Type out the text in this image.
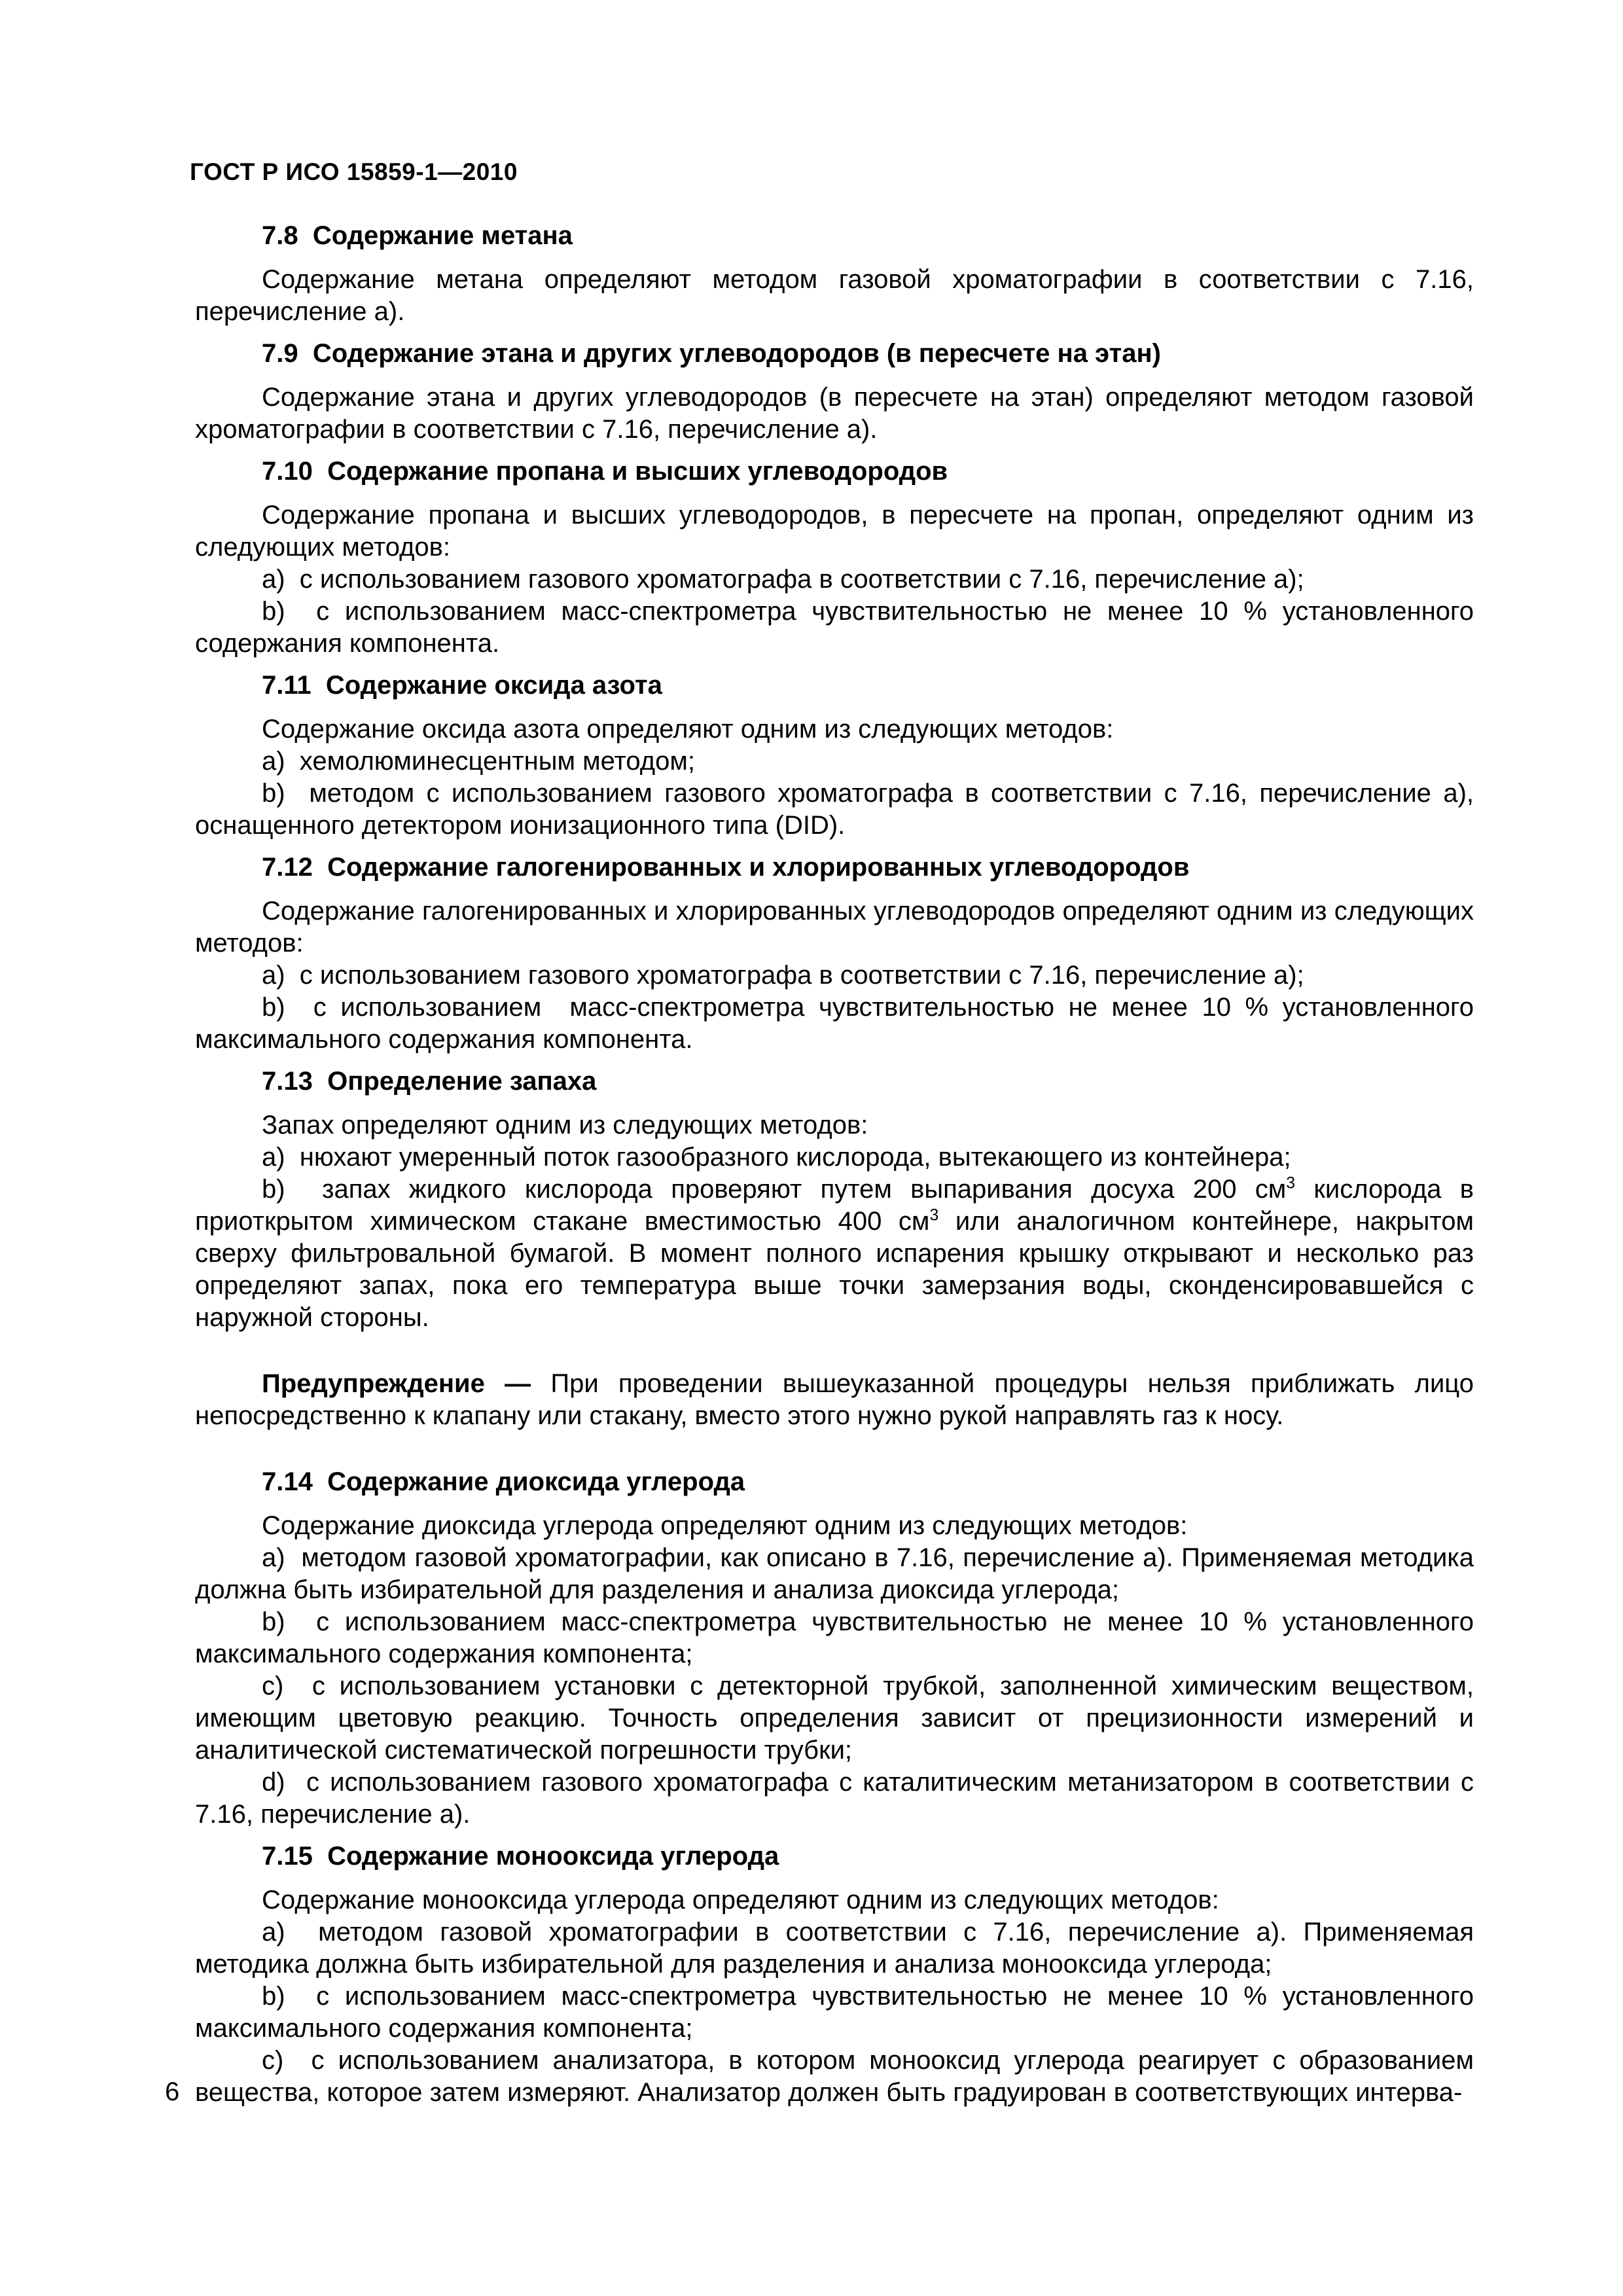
ГОСТ Р ИСО 15859-1—2010
7.8  Содержание метана

Содержание метана определяют методом газовой хроматографии в соответствии с 7.16, перечисление а).

7.9  Содержание этана и других углеводородов (в пересчете на этан)

Содержание этана и других углеводородов (в пересчете на этан) определяют методом газовой хроматографии в соответствии с 7.16, перечисление а).

7.10  Содержание пропана и высших углеводородов

Содержание пропана и высших углеводородов, в пересчете на пропан, определяют одним из следующих методов:

a)  с использованием газового хроматографа в соответствии с 7.16, перечисление а);

b)  с использованием масс-спектрометра чувствительностью не менее 10 % установленного содержания компонента.

7.11  Содержание оксида азота

Содержание оксида азота определяют одним из следующих методов:

a)  хемолюминесцентным методом;

b)  методом с использованием газового хроматографа в соответствии с 7.16, перечисление а), оснащенного детектором ионизационного типа (DID).

7.12  Содержание галогенированных и хлорированных углеводородов

Содержание галогенированных и хлорированных углеводородов определяют одним из следующих методов:

a)  с использованием газового хроматографа в соответствии с 7.16, перечисление а);

b)  с использованием  масс-спектрометра чувствительностью не менее 10 % установленного максимального содержания компонента.

7.13  Определение запаха

Запах определяют одним из следующих методов:

a)  нюхают умеренный поток газообразного кислорода, вытекающего из контейнера;

b)  запах жидкого кислорода проверяют путем выпаривания досуха 200 $см^3$ кислорода в приоткрытом химическом стакане вместимостью 400 $см^3$ или аналогичном контейнере, накрытом сверху фильтровальной бумагой. В момент полного испарения крышку открывают и несколько раз определяют запах, пока его температура выше точки замерзания воды, сконденсировавшейся с наружной стороны.

Предупреждение — При проведении вышеуказанной процедуры нельзя приближать лицо непосредственно к клапану или стакану, вместо этого нужно рукой направлять газ к носу.

7.14  Содержание диоксида углерода

Содержание диоксида углерода определяют одним из следующих методов:

a)  методом газовой хроматографии, как описано в 7.16, перечисление а). Применяемая методика должна быть избирательной для разделения и анализа диоксида углерода;

b)  с использованием масс-спектрометра чувствительностью не менее 10 % установленного максимального содержания компонента;

c)  с использованием установки с детекторной трубкой, заполненной химическим веществом, имеющим цветовую реакцию. Точность определения зависит от прецизионности измерений и аналитической систематической погрешности трубки;

d)  с использованием газового хроматографа с каталитическим метанизатором в соответствии с 7.16, перечисление а).

7.15  Содержание монооксида углерода

Содержание монооксида углерода определяют одним из следующих методов:

a)  методом газовой хроматографии в соответствии с 7.16, перечисление а). Применяемая методика должна быть избирательной для разделения и анализа монооксида углерода;

b)  с использованием масс-спектрометра чувствительностью не менее 10 % установленного максимального содержания компонента;

c)  с использованием анализатора, в котором монооксид углерода реагирует с образованием вещества, которое затем измеряют. Анализатор должен быть градуирован в соответствующих интерва-

6
